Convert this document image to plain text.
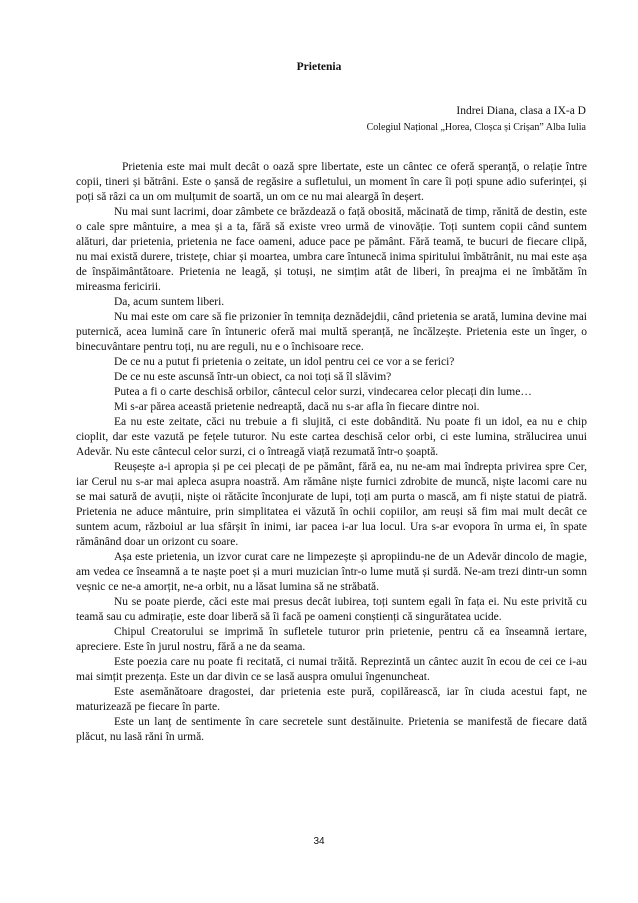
Prietenia
Indrei Diana, clasa a IX-a D
Colegiul Național „Horea, Cloșca și Crișan” Alba Iulia

Prietenia este mai mult decât o oază spre libertate, este un cântec ce oferă speranță, o relație între copii, tineri și bătrâni. Este o șansă de regăsire a sufletului, un moment în care îi poți spune adio suferinței, și poți să râzi ca un om mulțumit de soartă, un om ce nu mai aleargă în deșert.

Nu mai sunt lacrimi, doar zâmbete ce brăzdează o față obosită, măcinată de timp, rănită de destin, este o cale spre mântuire, a mea și a ta, fără să existe vreo urmă de vinovăție. Toți suntem copii când suntem alături, dar prietenia, prietenia ne face oameni, aduce pace pe pământ. Fără teamă, te bucuri de fiecare clipă, nu mai există durere, tristețe, chiar și moartea, umbra care întunecă inima spiritului îmbătrânit, nu mai este așa de înspăimântătoare. Prietenia ne leagă, și totuși, ne simțim atât de liberi, în preajma ei ne îmbătăm în mireasma fericirii.

Da, acum suntem liberi.

Nu mai este om care să fie prizonier în temnița deznădejdii, când prietenia se arată, lumina devine mai puternică, acea lumină care în întuneric oferă mai multă speranță, ne încălzește. Prietenia este un înger, o binecuvântare pentru toți, nu are reguli, nu e o închisoare rece.

De ce nu a putut fi prietenia o zeitate, un idol pentru cei ce vor a se ferici?

De ce nu este ascunsă într-un obiect, ca noi toți să îl slăvim?

Putea a fi o carte deschisă orbilor, cântecul celor surzi, vindecarea celor plecați din lume…

Mi s-ar părea această prietenie nedreaptă, dacă nu s-ar afla în fiecare dintre noi.

Ea nu este zeitate, căci nu trebuie a fi slujită, ci este dobândită. Nu poate fi un idol, ea nu e chip cioplit, dar este vazută pe fețele tuturor. Nu este cartea deschisă celor orbi, ci este lumina, strălucirea unui Adevăr. Nu este cântecul celor surzi, ci o întreagă viață rezumată într-o șoaptă.

Reușește a-i apropia și pe cei plecați de pe pământ, fără ea, nu ne-am mai îndrepta privirea spre Cer, iar Cerul nu s-ar mai apleca asupra noastră. Am rămâne niște furnici zdrobite de muncă, niște lacomi care nu se mai satură de avuții, niște oi rătăcite înconjurate de lupi, toți am purta o mască, am fi niște statui de piatră. Prietenia ne aduce mântuire, prin simplitatea ei văzută în ochii copiilor, am reuși să fim mai mult decât ce suntem acum, războiul ar lua sfârșit în inimi, iar pacea i-ar lua locul. Ura s-ar evopora în urma ei, în spate rămânând doar un orizont cu soare.

Așa este prietenia, un izvor curat care ne limpezește și apropiindu-ne de un Adevăr dincolo de magie, am vedea ce înseamnă a te naște poet și a muri muzician într-o lume mută și surdă. Ne-am trezi dintr-un somn veșnic ce ne-a amorțit, ne-a orbit, nu a lăsat lumina să ne străbată.

Nu se poate pierde, căci este mai presus decât iubirea, toți suntem egali în fața ei. Nu este privită cu teamă sau cu admirație, este doar liberă să îi facă pe oameni conștienți că singurătatea ucide.

Chipul Creatorului se imprimă în sufletele tuturor prin prietenie, pentru că ea înseamnă iertare, apreciere. Este în jurul nostru, fără a ne da seama.

Este poezia care nu poate fi recitată, ci numai trăită. Reprezintă un cântec auzit în ecou de cei ce i-au mai simțit prezența. Este un dar divin ce se lasă auspra omului îngenuncheat.

Este asemănătoare dragostei, dar prietenia este pură, copilărească, iar în ciuda acestui fapt, ne maturizează pe fiecare în parte.

Este un lanț de sentimente în care secretele sunt destăinuite. Prietenia se manifestă de fiecare dată plăcut, nu lasă răni în urmă.

34
